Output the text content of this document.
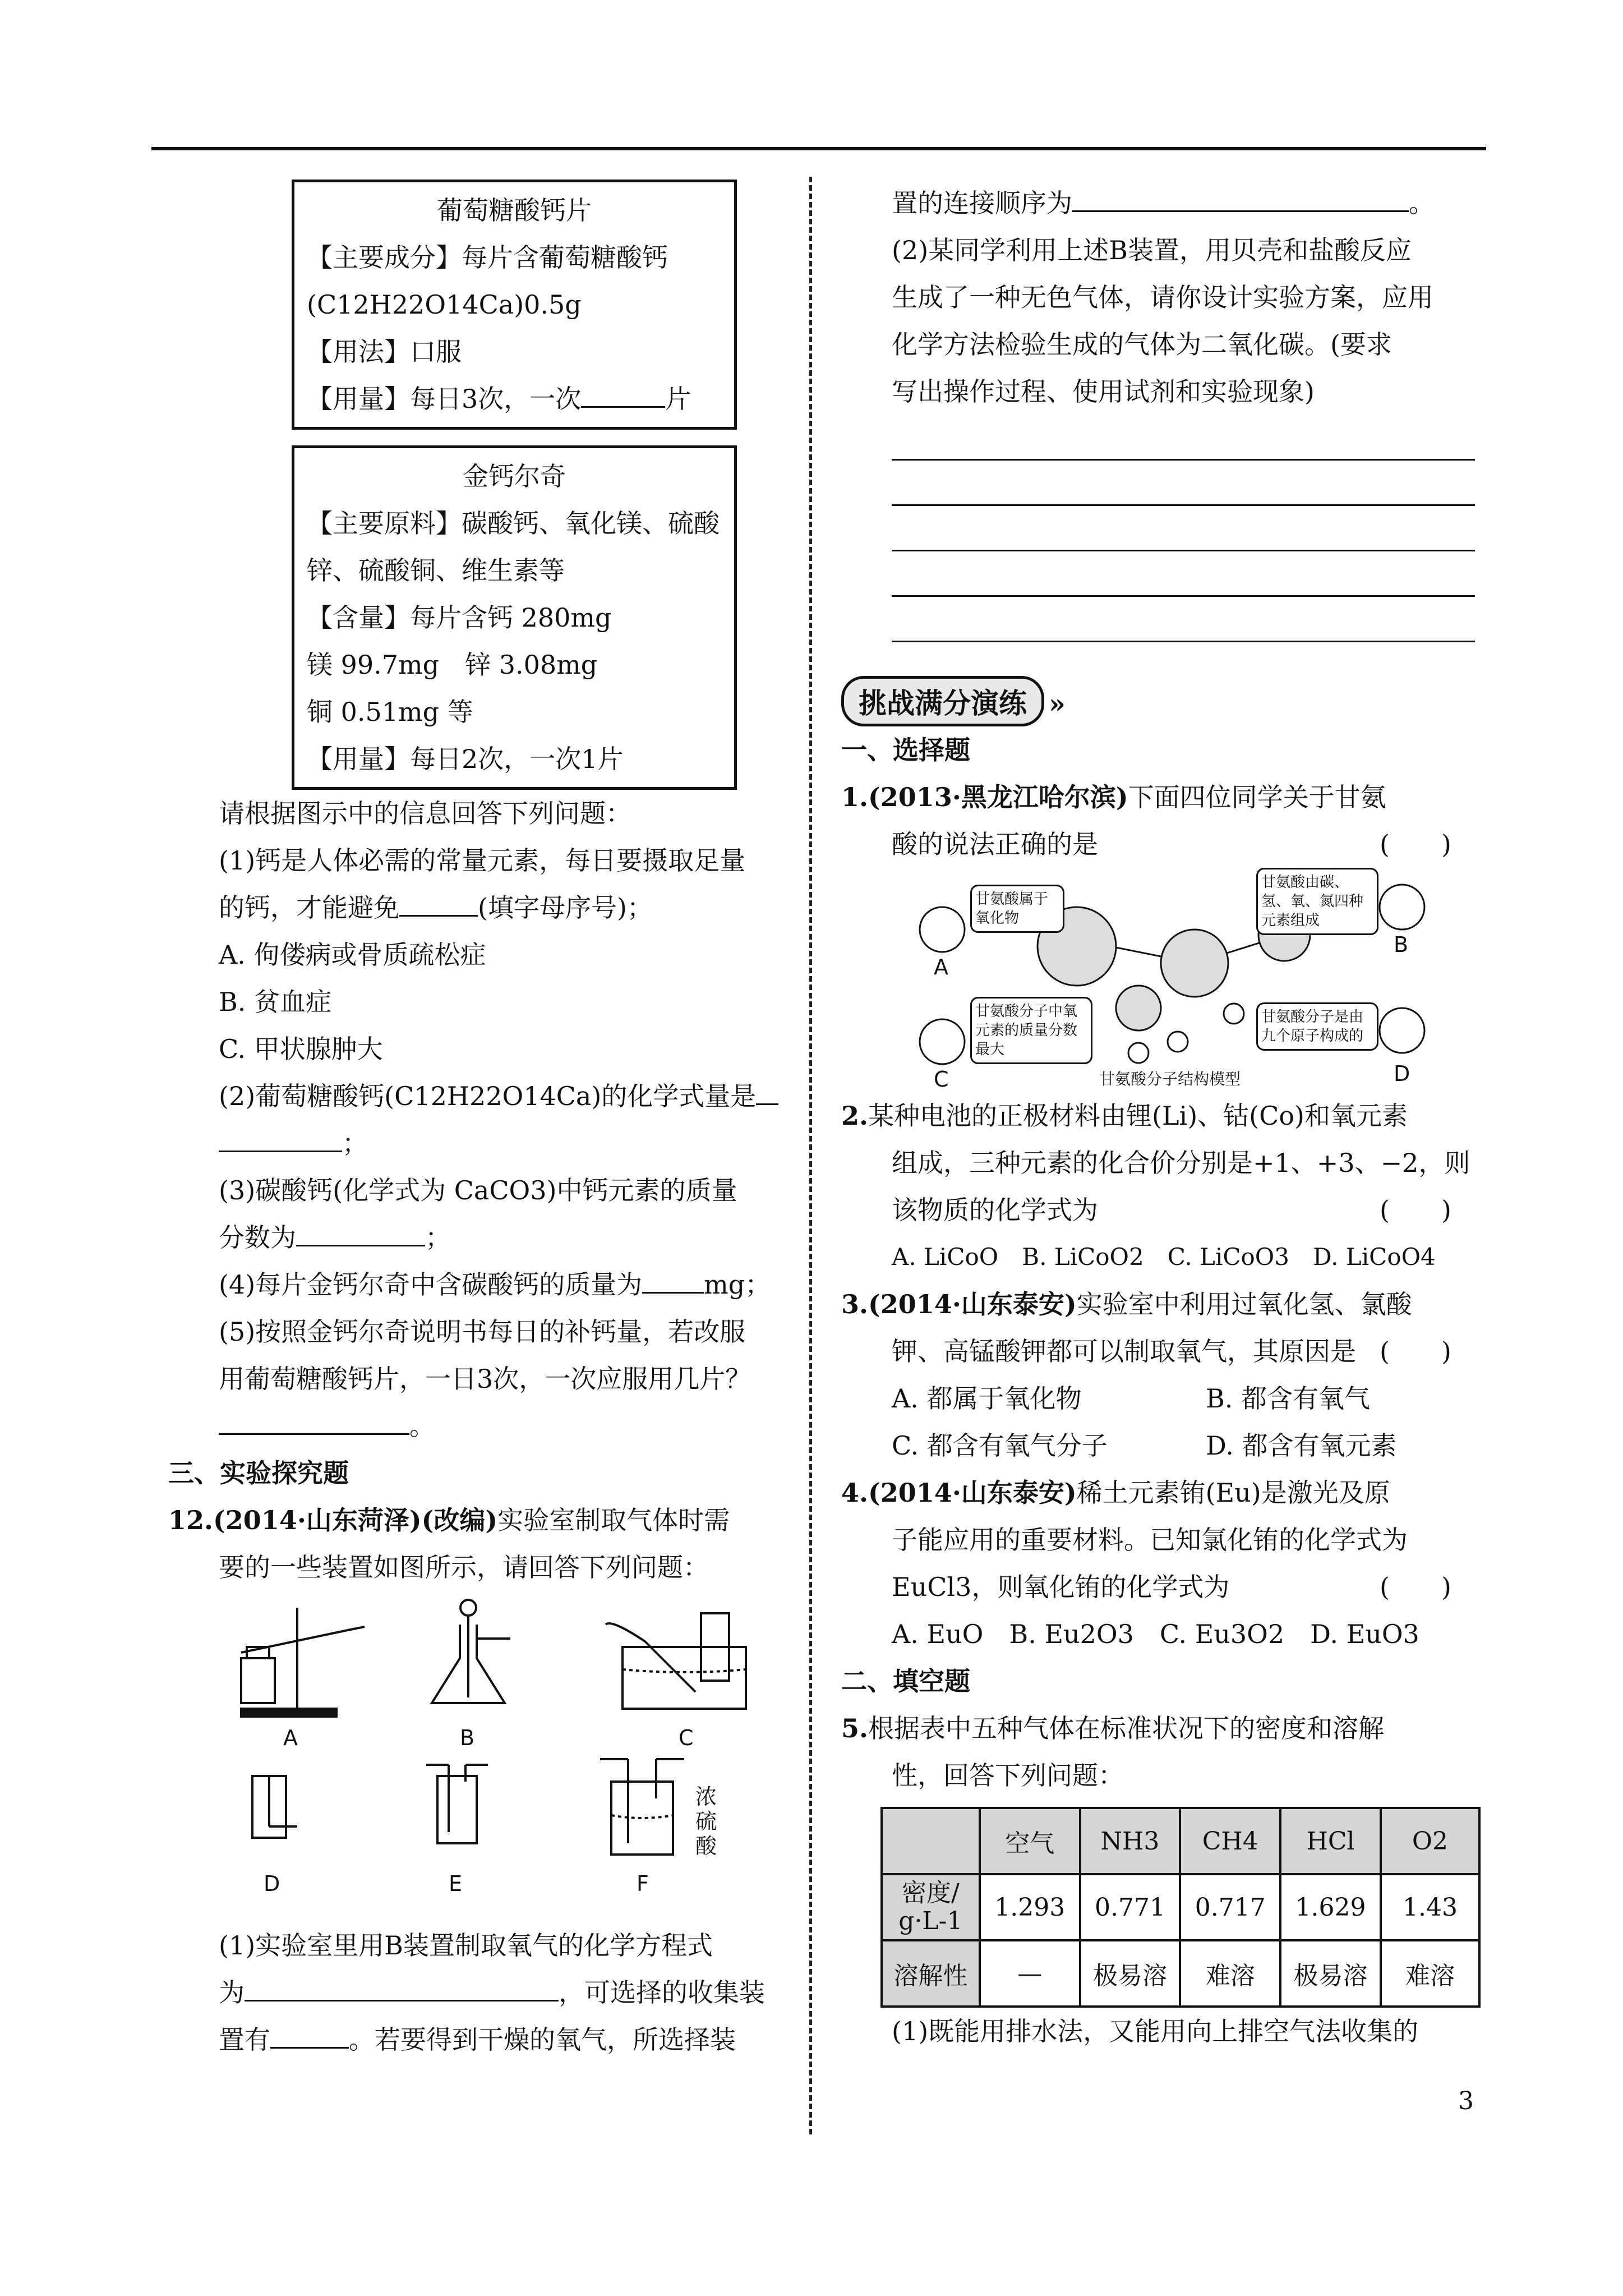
葡萄糖酸钙片
【主要成分】每片含葡萄糖酸钙
(C12H22O14Ca)0.5g
【用法】口服
【用量】每日3次，一次	片
金钙尔奇
【主要原料】碳酸钙、氧化镁、硫酸
锌、硫酸铜、维生素等
【含量】每片含钙 280mg
镁 99.7mg　锌 3.08mg
铜 0.51mg 等
【用量】每日2次，一次1片
请根据图示中的信息回答下列问题：
(1)钙是人体必需的常量元素，每日要摄取足量
的钙，才能避免	(填字母序号)；
A. 佝偻病或骨质疏松症
B. 贫血症
C. 甲状腺肿大
(2)葡萄糖酸钙(C12H22O14Ca)的化学式量是
；
(3)碳酸钙(化学式为 CaCO3)中钙元素的质量
分数为	；
(4)每片金钙尔奇中含碳酸钙的质量为 mg；
(5)按照金钙尔奇说明书每日的补钙量，若改服
用葡萄糖酸钙片，一日3次，一次应服用几片？
。
三、实验探究题
12.(2014·山东菏泽)(改编)实验室制取气体时需
要的一些装置如图所示，请回答下列问题：
A	B	C
D	E	F
浓硫酸
(1)实验室里用B装置制取氧气的化学方程式
为	，可选择的收集装
置有	。若要得到干燥的氧气，所选择装
置的连接顺序为	。
(2)某同学利用上述B装置，用贝壳和盐酸反应
生成了一种无色气体，请你设计实验方案，应用
化学方法检验生成的气体为二氧化碳。(要求
写出操作过程、使用试剂和实验现象)
挑战满分演练 »
一、选择题
1.(2013·黑龙江哈尔滨)下面四位同学关于甘氨
酸的说法正确的是	(　　)
甘氨酸属于氧化物
甘氨酸由碳、氢、氧、氮四种元素组成
甘氨酸分子中氧元素的质量分数最大
甘氨酸分子是由九个原子构成的
甘氨酸分子结构模型
A
B
C	D
2.某种电池的正极材料由锂(Li)、钴(Co)和氧元素
组成，三种元素的化合价分别是+1、+3、−2，则
该物质的化学式为	(　　)
A. LiCoO　 B. LiCoO2　 C. LiCoO3　 D. LiCoO4
3.(2014·山东泰安)实验室中利用过氧化氢、氯酸
钾、高锰酸钾都可以制取氧气，其原因是 (　　)
A. 都属于氧化物	B. 都含有氧气
C. 都含有氧气分子	D. 都含有氧元素
4.(2014·山东泰安)稀土元素铕(Eu)是激光及原
子能应用的重要材料。已知氯化铕的化学式为
EuCl3，则氧化铕的化学式为	(　　)
A. EuO　 B. Eu2O3　 C. Eu3O2　 D. EuO3
二、填空题
5.根据表中五种气体在标准状况下的密度和溶解
性，回答下列问题：
	空气	NH3	CH4	HCl	O2
密度/
g·L-1	1.293	0.771	0.717	1.629	1.43
溶解性	—	极易溶	难溶	极易溶	难溶
(1)既能用排水法，又能用向上排空气法收集的
3
